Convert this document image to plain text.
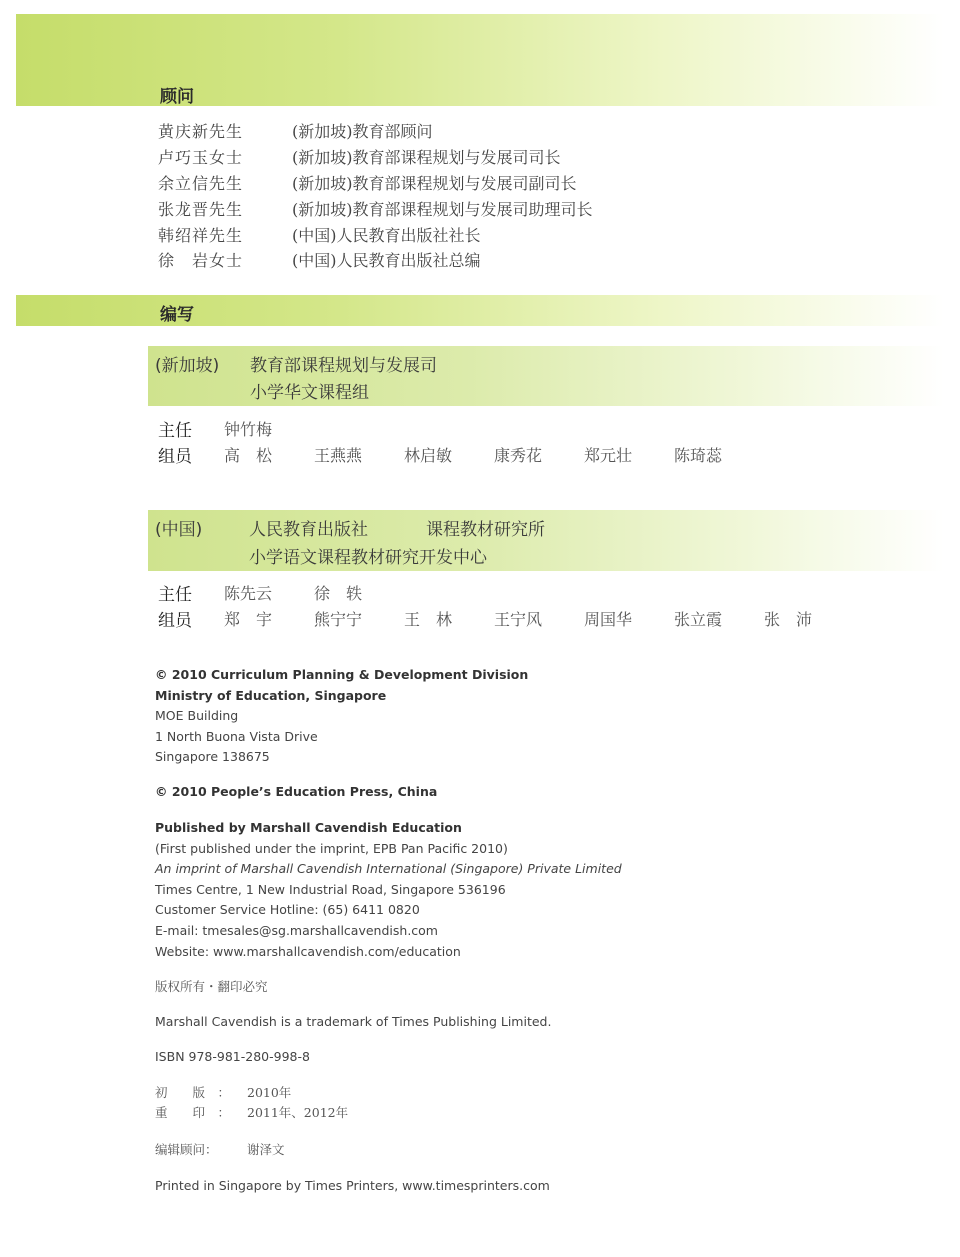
顾问
黄庆新先生	(新加坡)教育部顾问
卢巧玉女士	(新加坡)教育部课程规划与发展司司长
余立信先生	(新加坡)教育部课程规划与发展司副司长
张龙晋先生	(新加坡)教育部课程规划与发展司助理司长
韩绍祥先生	(中国)人民教育出版社社长
徐　岩女士	(中国)人民教育出版社总编
编写
(新加坡) 教育部课程规划与发展司
小学华文课程组
主任	钟竹梅
组员	高　松	王燕燕	林启敏	康秀花	郑元壮	陈琦蕊
(中国)	人民教育出版社	课程教材研究所
小学语文课程教材研究开发中心
主任	陈先云	徐　轶
组员	郑　宇	熊宁宁	王　林	王宁风	周国华	张立霞	张　沛
© 2010 Curriculum Planning & Development Division
Ministry of Education, Singapore
MOE Building
1 North Buona Vista Drive
Singapore 138675
© 2010 People’s Education Press, China
Published by Marshall Cavendish Education
(First published under the imprint, EPB Pan Pacific 2010)
An imprint of Marshall Cavendish International (Singapore) Private Limited
Times Centre, 1 New Industrial Road, Singapore 536196
Customer Service Hotline: (65) 6411 0820
E-mail: tmesales@sg.marshallcavendish.com
Website: www.marshallcavendish.com/education
版权所有・翻印必究
Marshall Cavendish is a trademark of Times Publishing Limited.
ISBN 978-981-280-998-8
初　　版　：	2010年
重　　印　：	2011年、2012年
编辑顾问：	谢泽文
Printed in Singapore by Times Printers, www.timesprinters.com
